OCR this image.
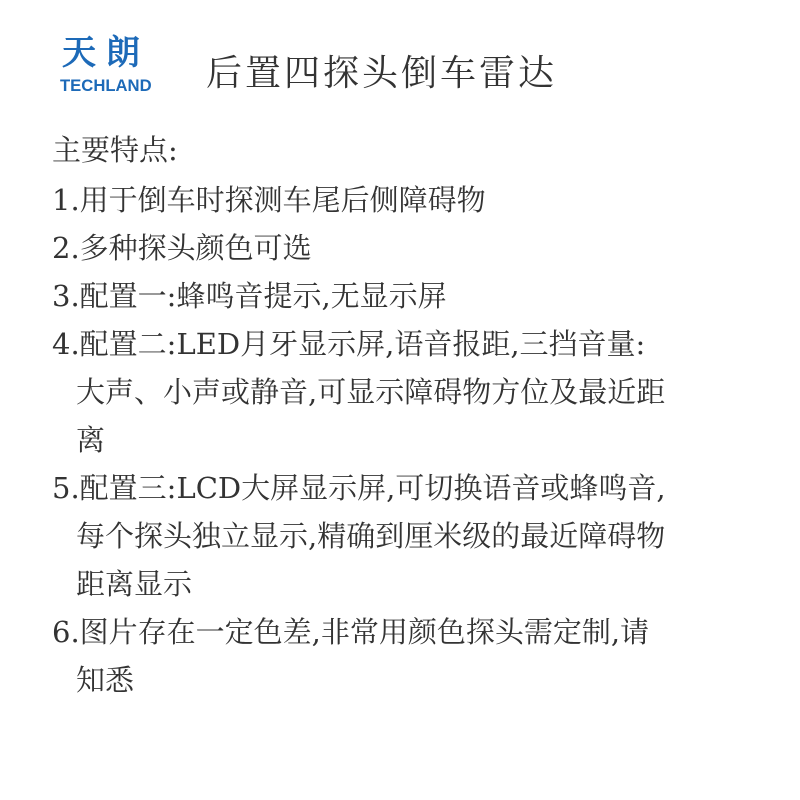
天朗
TECHLAND 后置四探头倒车雷达
主要特点:
1.用于倒车时探测车尾后侧障碍物
2.多种探头颜色可选
3.配置一:蜂鸣音提示,无显示屏
4.配置二:LED月牙显示屏,语音报距,三挡音量:
大声、小声或静音,可显示障碍物方位及最近距
离
5.配置三:LCD大屏显示屏,可切换语音或蜂鸣音,
每个探头独立显示,精确到厘米级的最近障碍物
距离显示
6.图片存在一定色差,非常用颜色探头需定制,请
知悉
